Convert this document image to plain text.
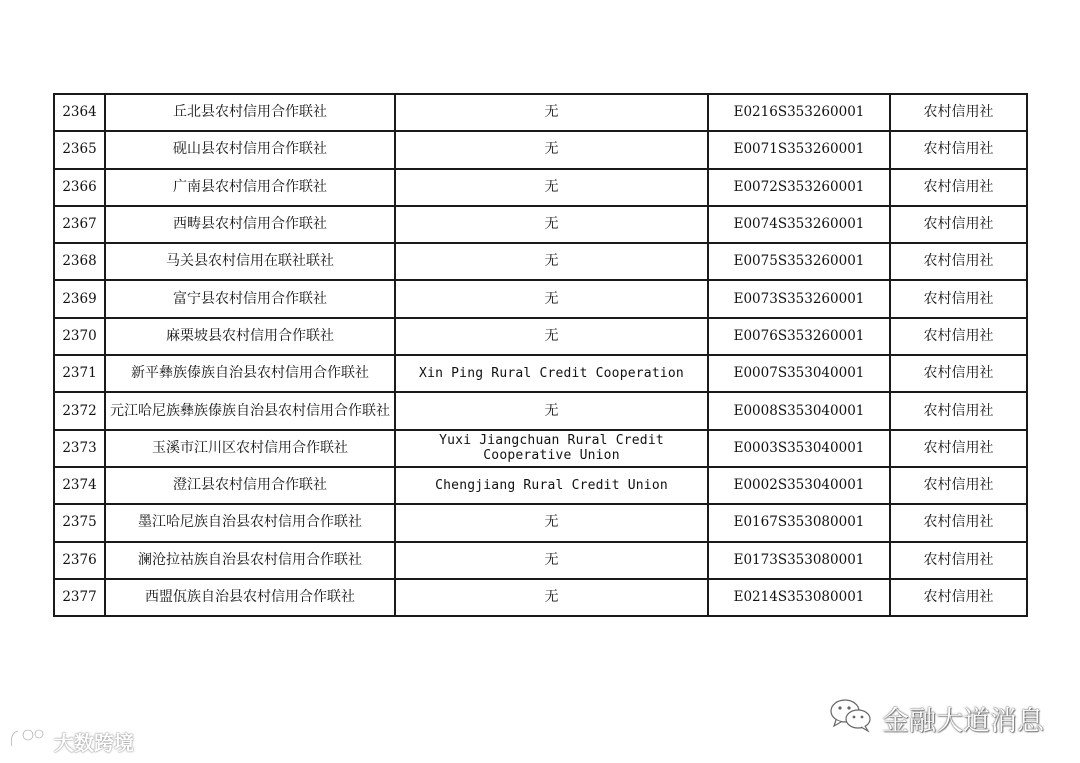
2364	丘北县农村信用合作联社	无	E0216S353260001	农村信用社
2365	砚山县农村信用合作联社	无	E0071S353260001	农村信用社
2366	广南县农村信用合作联社	无	E0072S353260001	农村信用社
2367	西畴县农村信用合作联社	无	E0074S353260001	农村信用社
2368	马关县农村信用在联社联社	无	E0075S353260001	农村信用社
2369	富宁县农村信用合作联社	无	E0073S353260001	农村信用社
2370	麻栗坡县农村信用合作联社	无	E0076S353260001	农村信用社
2371	新平彝族傣族自治县农村信用合作联社	Xin Ping Rural Credit Cooperation	E0007S353040001	农村信用社
2372	元江哈尼族彝族傣族自治县农村信用合作联社	无	E0008S353040001	农村信用社
2373	玉溪市江川区农村信用合作联社	Yuxi Jiangchuan Rural Credit Cooperative Union	E0003S353040001	农村信用社
2374	澄江县农村信用合作联社	Chengjiang Rural Credit Union	E0002S353040001	农村信用社
2375	墨江哈尼族自治县农村信用合作联社	无	E0167S353080001	农村信用社
2376	澜沧拉祜族自治县农村信用合作联社	无	E0173S353080001	农村信用社
2377	西盟佤族自治县农村信用合作联社	无	E0214S353080001	农村信用社
大数跨境
金融大道消息
